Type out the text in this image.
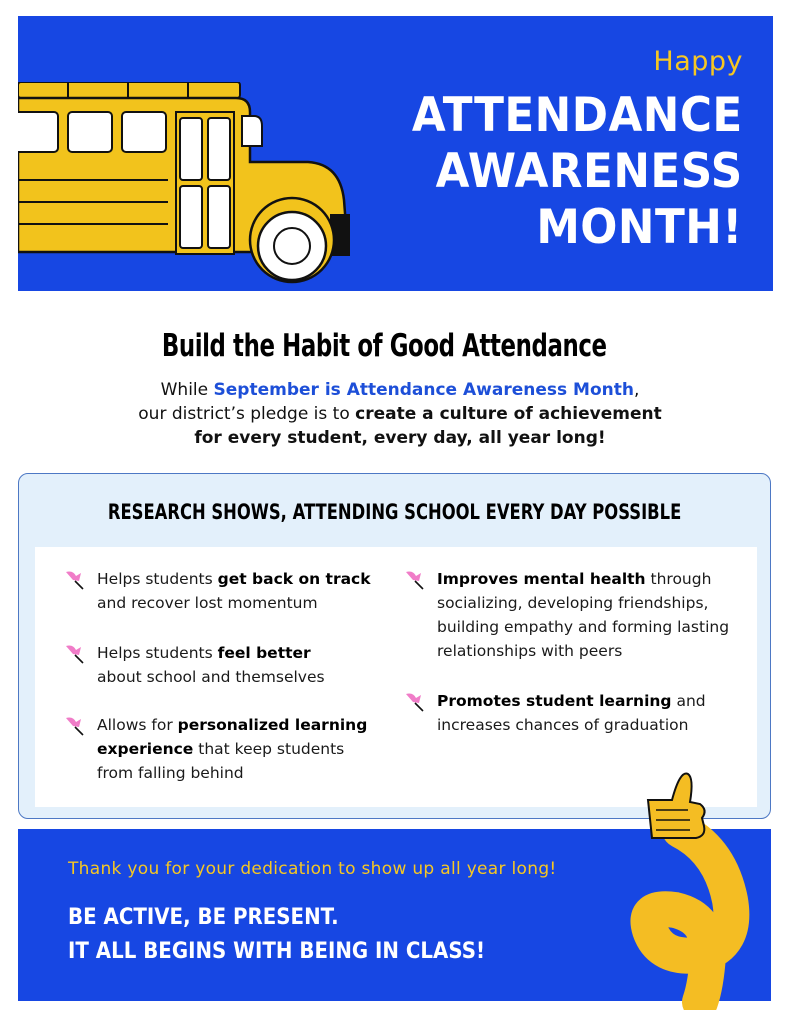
Happy
ATTENDANCE
AWARENESS
MONTH!
Build the Habit of Good Attendance
While September is Attendance Awareness Month,
our district’s pledge is to create a culture of achievement
for every student, every day, all year long!
RESEARCH SHOWS, ATTENDING SCHOOL EVERY DAY POSSIBLE
Helps students get back on track
and recover lost momentum
Helps students feel better
about school and themselves
Allows for personalized learning
experience that keep students
from falling behind
Improves mental health through
socializing, developing friendships,
building empathy and forming lasting
relationships with peers
Promotes student learning and
increases chances of graduation
Thank you for your dedication to show up all year long!
BE ACTIVE, BE PRESENT.
IT ALL BEGINS WITH BEING IN CLASS!
